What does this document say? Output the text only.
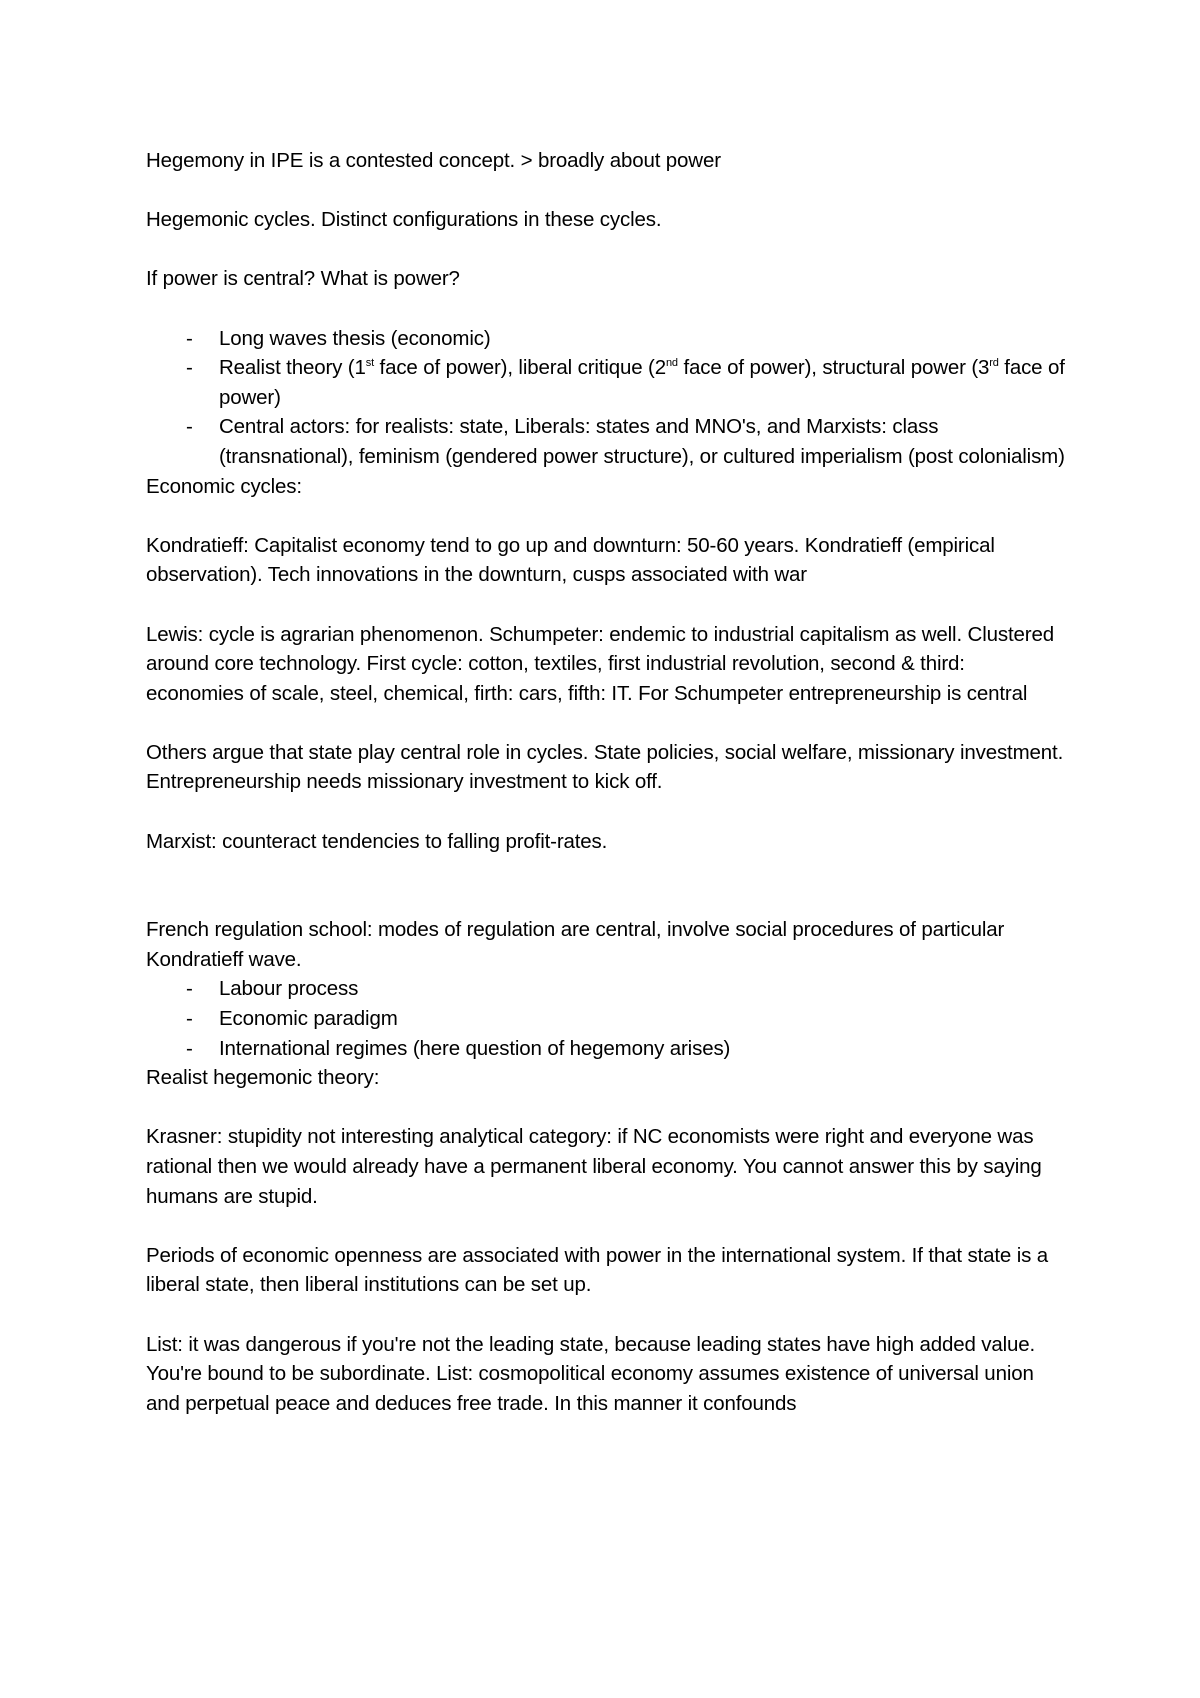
Hegemony in IPE is a contested concept. > broadly about power

Hegemonic cycles. Distinct configurations in these cycles.

If power is central? What is power?

- Long waves thesis (economic)
- Realist theory (1st face of power), liberal critique (2nd face of power), structural power (3rd face of power)
- Central actors: for realists: state, Liberals: states and MNO's, and Marxists: class (transnational), feminism (gendered power structure), or cultured imperialism (post colonialism)

Economic cycles:

Kondratieff: Capitalist economy tend to go up and downturn: 50-60 years. Kondratieff (empirical observation). Tech innovations in the downturn, cusps associated with war

Lewis: cycle is agrarian phenomenon. Schumpeter: endemic to industrial capitalism as well. Clustered around core technology. First cycle: cotton, textiles, first industrial revolution, second & third: economies of scale, steel, chemical, firth: cars, fifth: IT. For Schumpeter entrepreneurship is central

Others argue that state play central role in cycles. State policies, social welfare, missionary investment. Entrepreneurship needs missionary investment to kick off.

Marxist: counteract tendencies to falling profit-rates.

French regulation school: modes of regulation are central, involve social procedures of particular Kondratieff wave.

- Labour process
- Economic paradigm
- International regimes (here question of hegemony arises)

Realist hegemonic theory:

Krasner: stupidity not interesting analytical category: if NC economists were right and everyone was rational then we would already have a permanent liberal economy. You cannot answer this by saying humans are stupid.

Periods of economic openness are associated with power in the international system. If that state is a liberal state, then liberal institutions can be set up.

List: it was dangerous if you're not the leading state, because leading states have high added value. You're bound to be subordinate. List: cosmopolitical economy assumes existence of universal union and perpetual peace and deduces free trade. In this manner it confounds
